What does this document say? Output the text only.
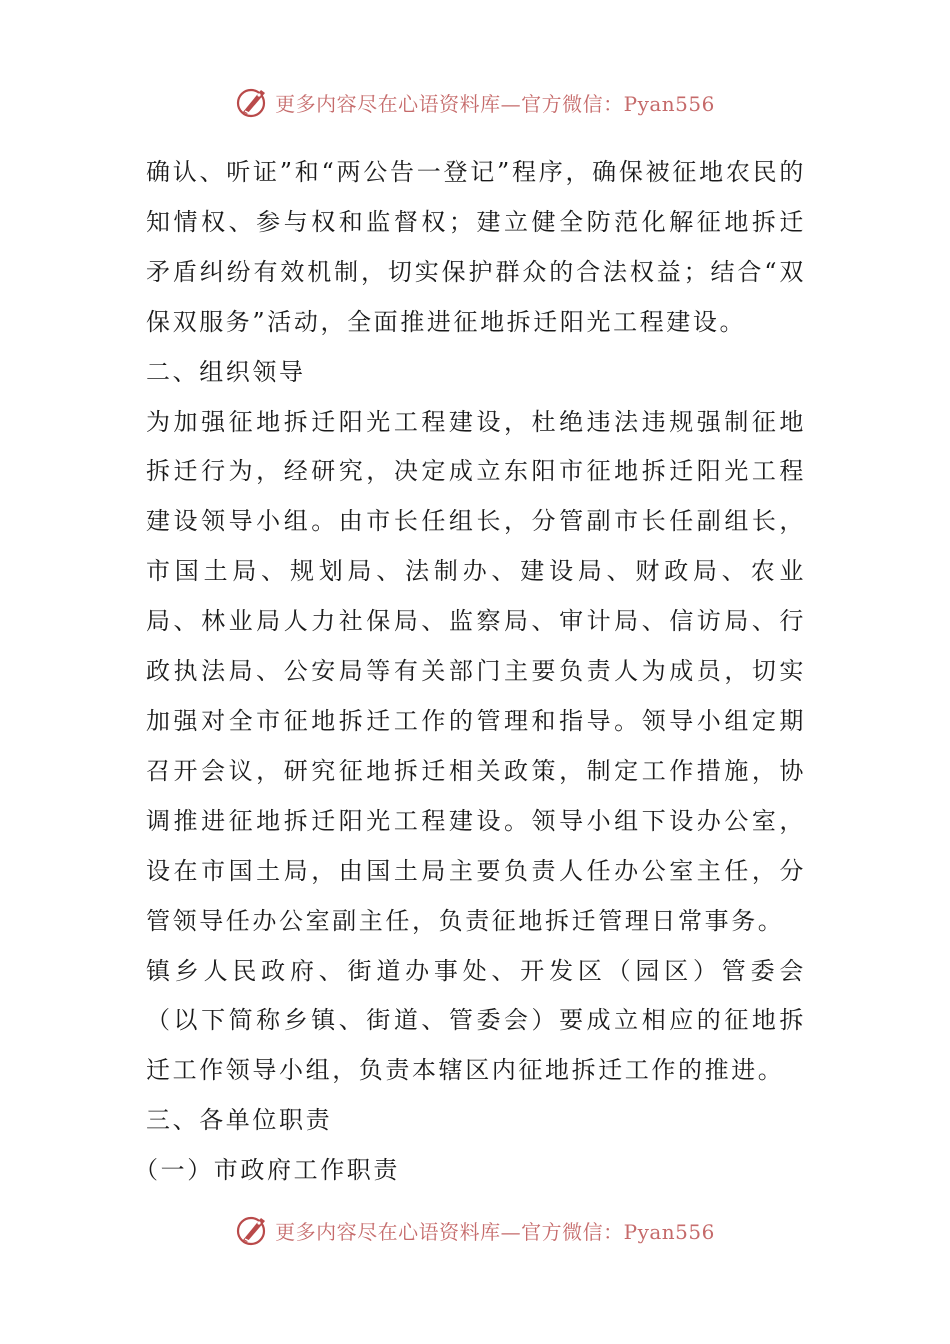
更多内容尽在心语资料库—官方微信：Pyan556

确认、听证”和“两公告一登记”程序，确保被征地农民的知情权、参与权和监督权；建立健全防范化解征地拆迁矛盾纠纷有效机制，切实保护群众的合法权益；结合“双保双服务”活动，全面推进征地拆迁阳光工程建设。

二、组织领导

为加强征地拆迁阳光工程建设，杜绝违法违规强制征地拆迁行为，经研究，决定成立东阳市征地拆迁阳光工程建设领导小组。由市长任组长，分管副市长任副组长，市国土局、规划局、法制办、建设局、财政局、农业局、林业局人力社保局、监察局、审计局、信访局、行政执法局、公安局等有关部门主要负责人为成员，切实加强对全市征地拆迁工作的管理和指导。领导小组定期召开会议，研究征地拆迁相关政策，制定工作措施，协调推进征地拆迁阳光工程建设。领导小组下设办公室，设在市国土局，由国土局主要负责人任办公室主任，分管领导任办公室副主任，负责征地拆迁管理日常事务。

镇乡人民政府、街道办事处、开发区（园区）管委会（以下简称乡镇、街道、管委会）要成立相应的征地拆迁工作领导小组，负责本辖区内征地拆迁工作的推进。

三、各单位职责

（一）市政府工作职责

更多内容尽在心语资料库—官方微信：Pyan556
